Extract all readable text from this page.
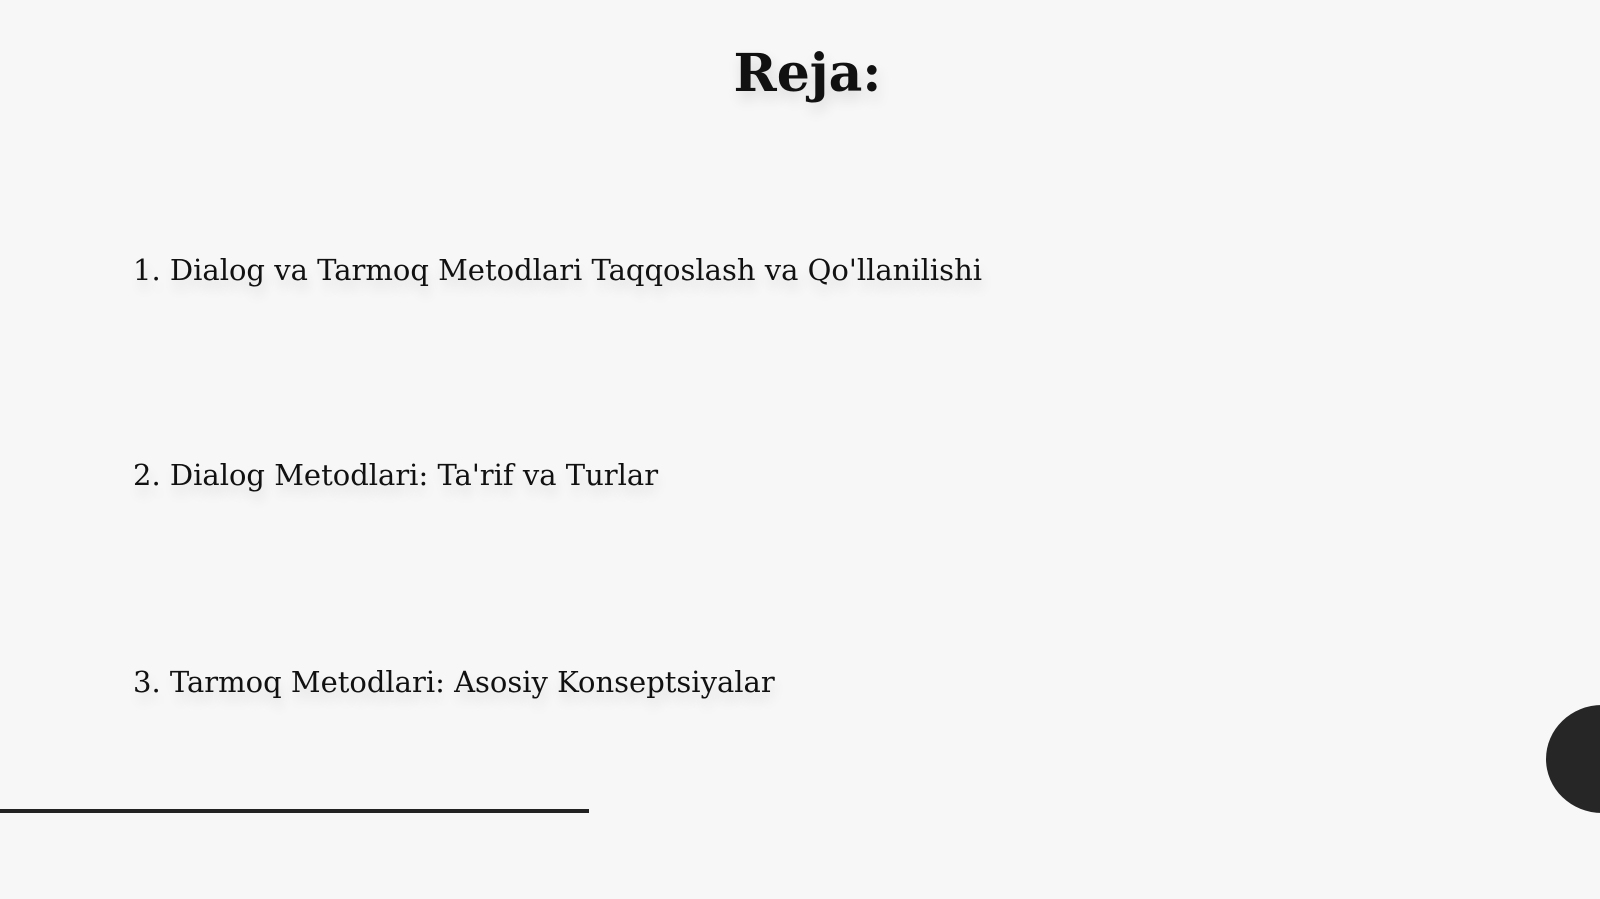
Reja:
1. Dialog va Tarmoq Metodlari Taqqoslash va Qo'llanilishi
2. Dialog Metodlari: Ta'rif va Turlar
3. Tarmoq Metodlari: Asosiy Konseptsiyalar
